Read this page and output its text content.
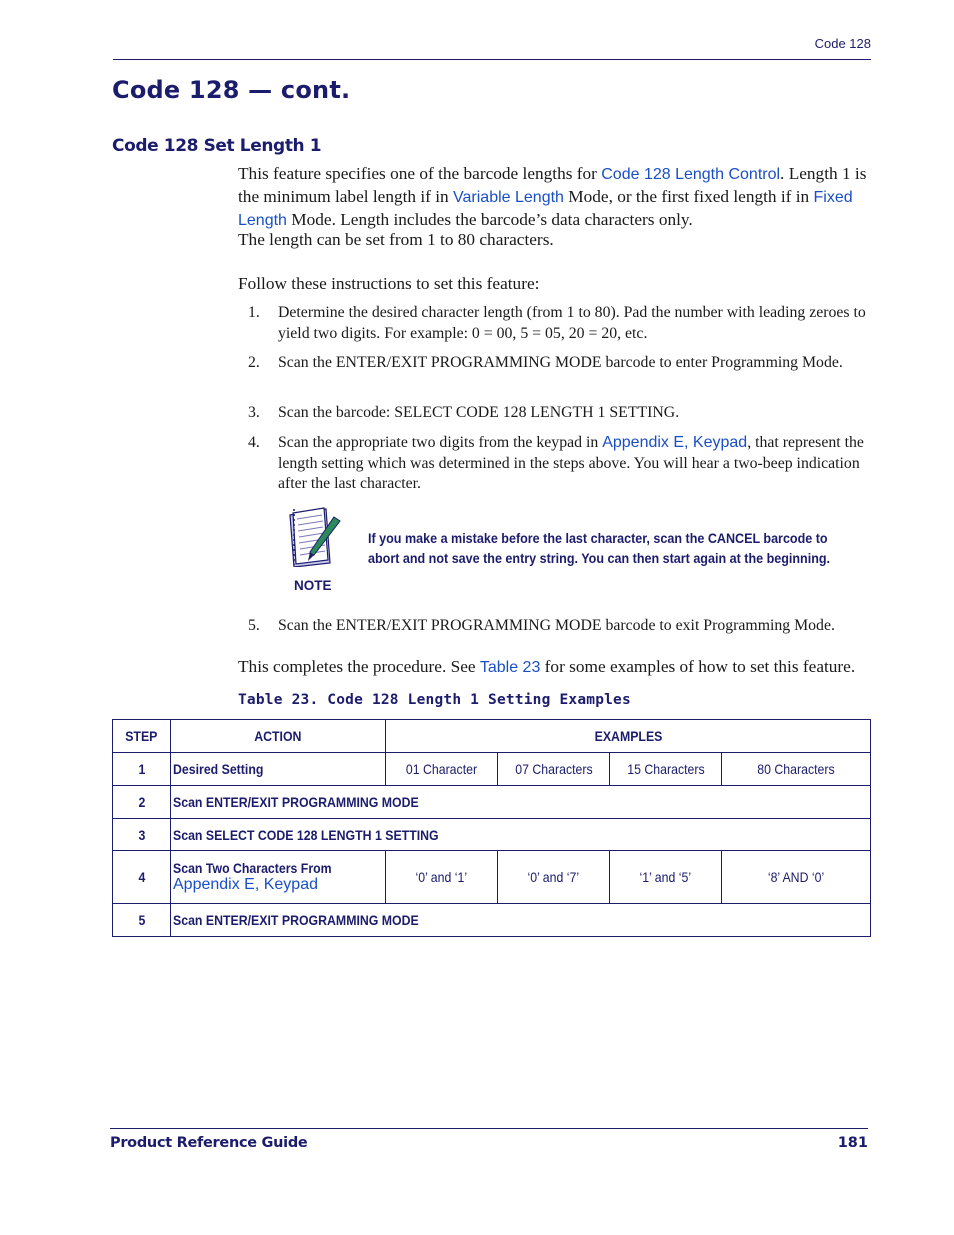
Code 128
Code 128 — cont.
Code 128 Set Length 1
This feature specifies one of the barcode lengths for Code 128 Length Control. Length 1 is the minimum label length if in Variable Length Mode, or the first fixed length if in Fixed Length Mode. Length includes the barcode’s data characters only.
The length can be set from 1 to 80 characters.
Follow these instructions to set this feature:
1. Determine the desired character length (from 1 to 80). Pad the number with leading zeroes to yield two digits. For example: 0 = 00, 5 = 05, 20 = 20, etc.
2. Scan the ENTER/EXIT PROGRAMMING MODE barcode to enter Programming Mode.
3. Scan the barcode: SELECT CODE 128 LENGTH 1 SETTING.
4. Scan the appropriate two digits from the keypad in Appendix E, Keypad, that represent the length setting which was determined in the steps above. You will hear a two-beep indication after the last character.
5. Scan the ENTER/EXIT PROGRAMMING MODE barcode to exit Programming Mode.
NOTE
If you make a mistake before the last character, scan the CANCEL barcode to
abort and not save the entry string. You can then start again at the beginning.
This completes the procedure. See Table 23 for some examples of how to set this feature.
Table 23. Code 128 Length 1 Setting Examples
STEP	ACTION	EXAMPLES			
1	Desired Setting	01 Character	07 Characters	15 Characters	80 Characters
2	Scan ENTER/EXIT PROGRAMMING MODE				
3	Scan SELECT CODE 128 LENGTH 1 SETTING				
4	Scan Two Characters From
Appendix E, Keypad	‘0’ and ‘1’	‘0’ and ‘7’	‘1’ and ‘5’	‘8’ AND ‘0’
5	Scan ENTER/EXIT PROGRAMMING MODE				
Product Reference Guide	181
